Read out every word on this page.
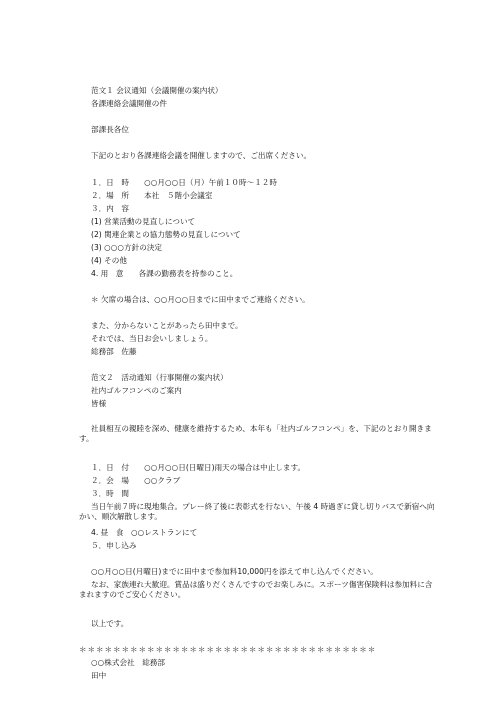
范文１ 会议通知（会議開催の案内状）
各課連絡会議開催の件
部課長各位
下記のとおり各課連絡会議を開催しますので、ご出席ください。
１．日　時　　○○月○○日（月）午前１０時～１２時
２．場　所　　本社　５階小会議室
３．内　容
(1) 営業活動の見直しについて
(2) 関連企業との協力態勢の見直しについて
(3) ○○○方針の決定
(4) その他
4. 用　意　　各課の勤務表を持参のこと。
＊ 欠席の場合は、○○月○○日までに田中までご連絡ください。
また、分からないことがあったら田中まで。
それでは、当日お会いしましょう。
総務部　佐藤
范文２　活动通知（行事開催の案内状）
社内ゴルフコンペのご案内
皆様
社員相互の親睦を深め、健康を維持するため、本年も「社内ゴルフコンペ」を、下記のとおり開きます。
１．日　付　　○○月○○日(日曜日)雨天の場合は中止します。
２．会　場　　○○クラブ
３．時　間
当日午前７時に現地集合。プレー終了後に表彰式を行ない、午後 4 時過ぎに貸し切りバスで新宿へ向かい、順次解散します。
4. 昼　食　○○レストランにて
５．申し込み
○○月○○日(月曜日)までに田中まで参加料10,000円を添えて申し込んでください。
なお、家族連れ大歓迎。賞品は盛りだくさんですのでお楽しみに。スポーツ傷害保険料は参加料に含まれますのでご安心ください。
以上です。
＊＊＊＊＊＊＊＊＊＊＊＊＊＊＊＊＊＊＊＊＊＊＊＊＊＊＊＊＊＊＊＊＊＊＊
○○株式会社　総務部
田中
